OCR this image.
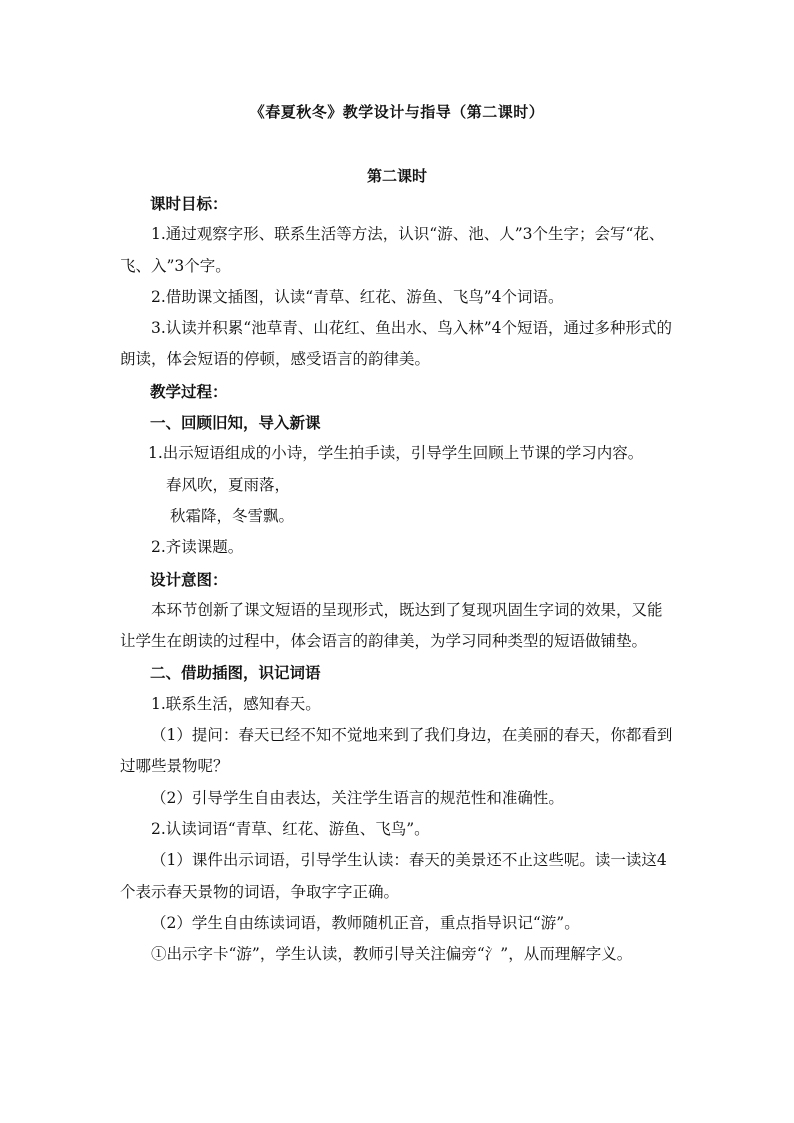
《春夏秋冬》教学设计与指导（第二课时）
第二课时

课时目标：

1.通过观察字形、联系生活等方法，认识“游、池、人”3个生字；会写“花、飞、入”3个字。

2.借助课文插图，认读“青草、红花、游鱼、飞鸟”4个词语。

3.认读并积累“池草青、山花红、鱼出水、鸟入林”4个短语，通过多种形式的朗读，体会短语的停顿，感受语言的韵律美。

教学过程：

一、回顾旧知，导入新课

1.出示短语组成的小诗，学生拍手读，引导学生回顾上节课的学习内容。

春风吹，夏雨落，

秋霜降，冬雪飘。

2.齐读课题。

设计意图：

本环节创新了课文短语的呈现形式，既达到了复现巩固生字词的效果，又能让学生在朗读的过程中，体会语言的韵律美，为学习同种类型的短语做铺垫。

二、借助插图，识记词语

1.联系生活，感知春天。

（1）提问：春天已经不知不觉地来到了我们身边，在美丽的春天，你都看到过哪些景物呢？

（2）引导学生自由表达，关注学生语言的规范性和准确性。

2.认读词语“青草、红花、游鱼、飞鸟”。

（1）课件出示词语，引导学生认读：春天的美景还不止这些呢。读一读这4个表示春天景物的词语，争取字字正确。

（2）学生自由练读词语，教师随机正音，重点指导识记“游”。

①出示字卡“游”，学生认读，教师引导关注偏旁“氵”，从而理解字义。
